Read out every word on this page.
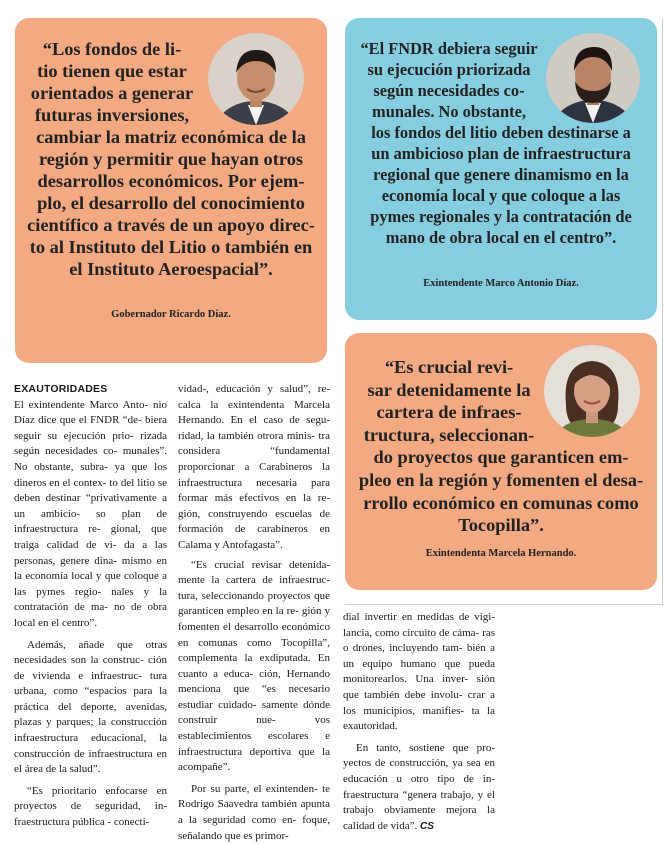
“Los fondos de li-
tio tienen que estar
orientados a generar
futuras inversiones,
cambiar la matriz económica de la
región y permitir que hayan otros
desarrollos económicos. Por ejem-
plo, el desarrollo del conocimiento
científico a través de un apoyo direc-
to al Instituto del Litio o también en
el Instituto Aeroespacial”.
Gobernador Ricardo Díaz.
“El FNDR debiera seguir
su ejecución priorizada
según necesidades co-
munales. No obstante,
los fondos del litio deben destinarse a
un ambicioso plan de infraestructura
regional que genere dinamismo en la
economía local y que coloque a las
pymes regionales y la contratación de
mano de obra local en el centro”.
Exintendente Marco Antonio Díaz.
“Es crucial revi-
sar detenidamente la
cartera de infraes-
tructura, seleccionan-
do proyectos que garanticen em-
pleo en la región y fomenten el desa-
rrollo económico en comunas como
Tocopilla”.
Exintendenta Marcela Hernando.

EXAUTORIDADES

El exintendente Marco Anto- nio Díaz dice que el FNDR “de- biera seguir su ejecución prio- rizada según necesidades co- munales”. No obstante, subra- ya que los dineros en el contex- to del litio se deben destinar “privativamente a un ambicio- so plan de infraestructura re- gional, que traiga calidad de vi- da a las personas, genere dina- mismo en la economía local y que coloque a las pymes regio- nales y la contratación de ma- no de obra local en el centro”.

Además, añade que otras necesidades son la construc- ción de vivienda e infraestruc- tura urbana, como “espacios para la práctica del deporte, avenidas, plazas y parques; la construcción infraestructura educacional, la construcción de infraestructura en el área de la salud”.

“Es prioritario enfocarse en proyectos de seguridad, in- fraestructura pública - conecti-

vidad-, educación y salud”, re- calca la exintendenta Marcela Hernando. En el caso de segu- ridad, la también otrora minis- tra considera “fundamental proporcionar a Carabineros la infraestructura necesaria para formar más efectivos en la re- gión, construyendo escuelas de formación de carabineros en Calama y Antofagasta”.

“Es crucial revisar detenida- mente la cartera de infraestruc- tura, seleccionando proyectos que garanticen empleo en la re- gión y fomenten el desarrollo económico en comunas como Tocopilla”, complementa la exdiputada. En cuanto a educa- ción, Hernando menciona que “es necesario estudiar cuidado- samente dónde construir nue-	vos establecimientos escolares e infraestructura deportiva que la acompañe”.

Por su parte, el exintenden- te Rodrigo Saavedra también apunta a la seguridad como en- foque, señalando que es primor-

dial invertir en medidas de vigi- lancia, como circuito de cáma- ras o drones, incluyendo tam- bién a un equipo humano que pueda monitorearlos. Una inver- sión que también debe involu- crar a los municipios, manifies- ta la exautoridad.

En tanto, sostiene que pro- yectos de construcción, ya sea en educación u otro tipo de in- fraestructura “genera trabajo, y el trabajo obviamente mejora la calidad de vida”. CS
